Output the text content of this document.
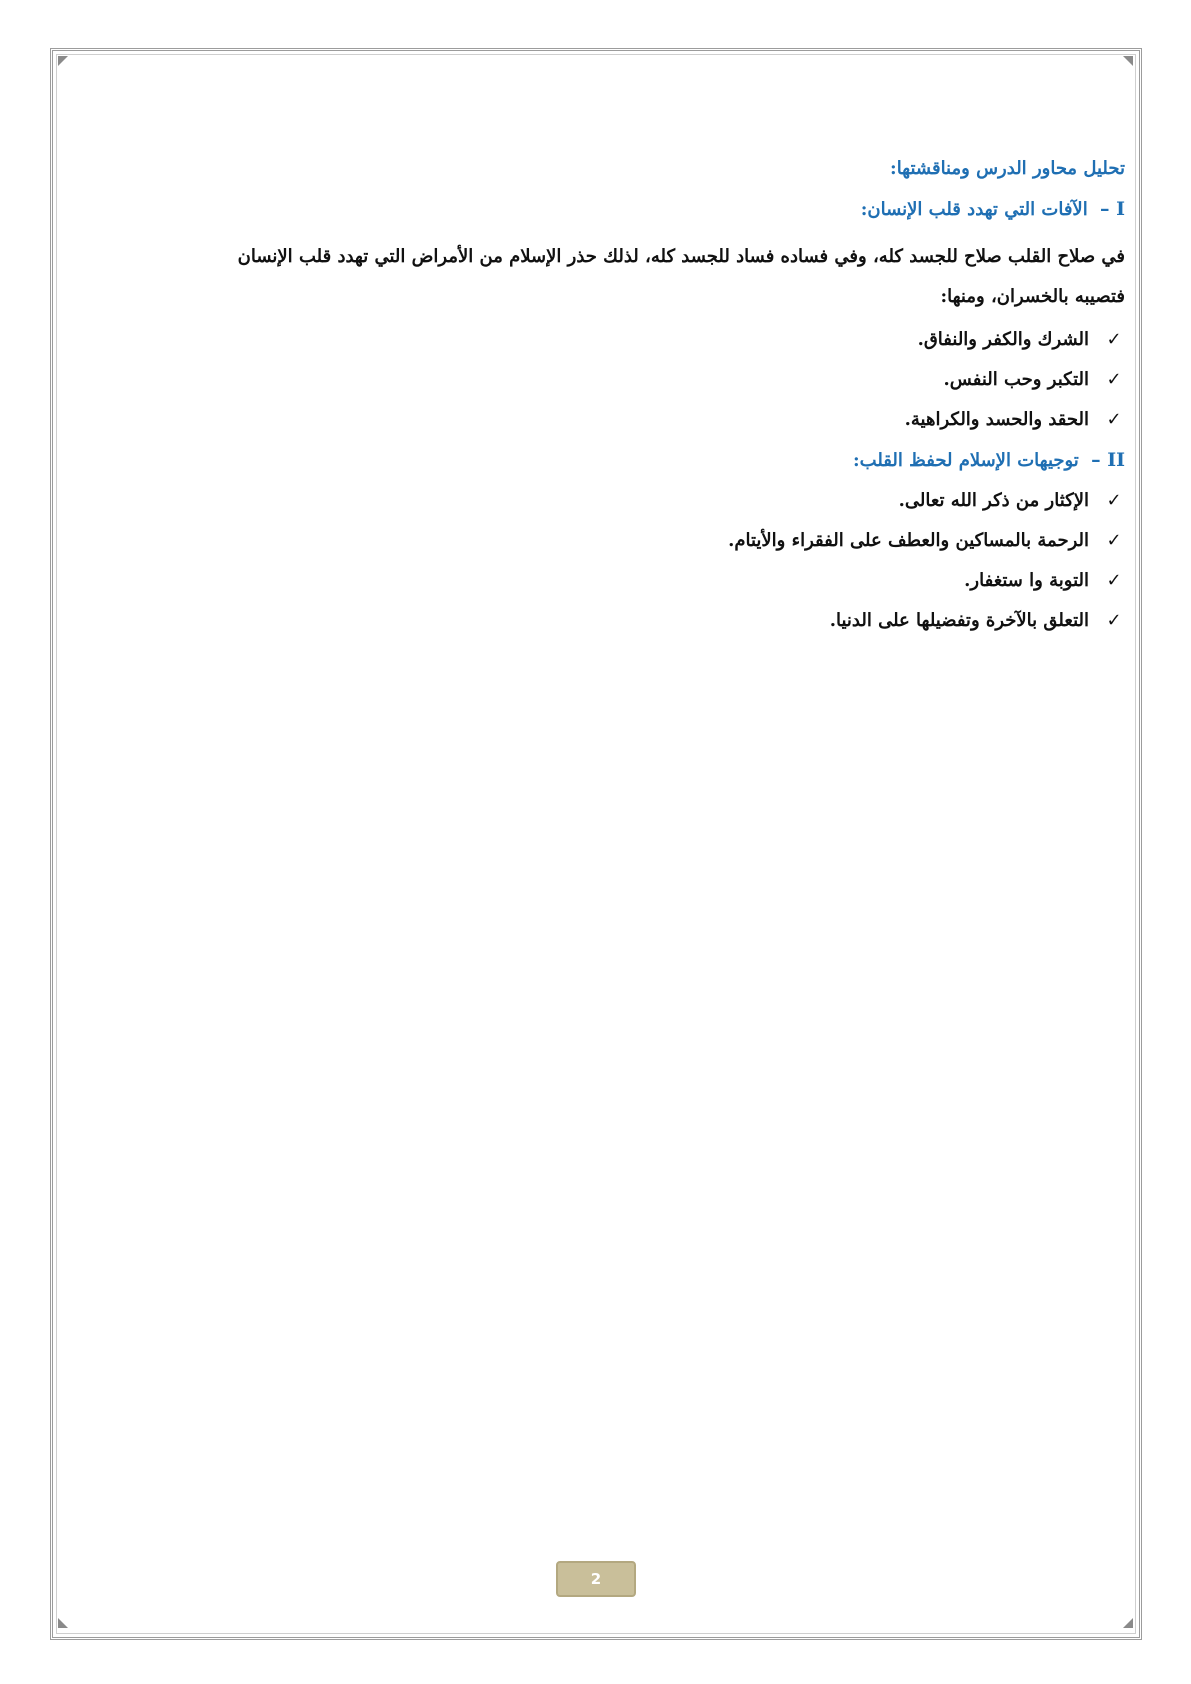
تحليل محاور الدرس ومناقشتها:
I – الآفات التي تهدد قلب الإنسان:
في صلاح القلب صلاح للجسد كله، وفي فساده فساد للجسد كله، لذلك حذر الإسلام من الأمراض التي تهدد قلب الإنسان
فتصيبه بالخسران، ومنها:
✓
الشرك والكفر والنفاق.
✓
التكبر وحب النفس.
✓
الحقد والحسد والكراهية.
II – توجيهات الإسلام لحفظ القلب:
✓
الإكثار من ذكر الله تعالى.
✓
الرحمة بالمساكين والعطف على الفقراء والأيتام.
✓
التوبة وا ستغفار.
✓
التعلق بالآخرة وتفضيلها على الدنيا.
2
